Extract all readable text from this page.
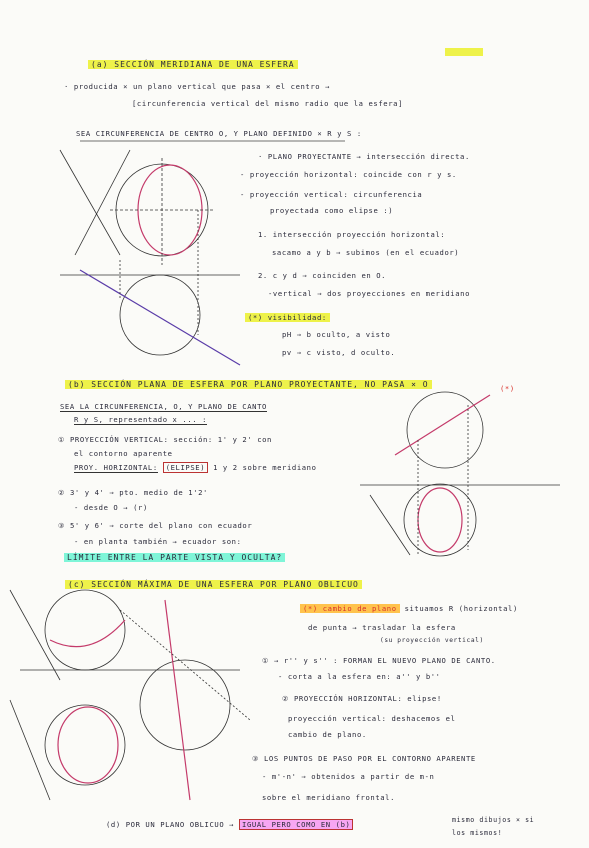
(a) SECCIÓN MERIDIANA DE UNA ESFERA
· producida × un plano vertical que pasa × el centro →
[circunferencia vertical del mismo radio que la esfera]
SEA CIRCUNFERENCIA DE CENTRO O, Y PLANO DEFINIDO × R y S :
· PLANO PROYECTANTE → intersección directa.
- proyección horizontal: coincide con r y s.
- proyección vertical: circunferencia
proyectada como elipse :)
1. intersección proyección horizontal:
sacamo a y b ⇒ subimos (en el ecuador)
2. c y d ⇒ coinciden en O.
-vertical ⇒ dos proyecciones en meridiano
(*) visibilidad:
pH ⇒ b oculto, a visto
pv ⇒ c visto, d oculto.
(b) SECCIÓN PLANA DE ESFERA POR PLANO PROYECTANTE, NO PASA × O	(*)
SEA LA CIRCUNFERENCIA, O, Y PLANO DE CANTO
R y S, representado x ... :
① PROYECCIÓN VERTICAL: sección: 1' y 2' con
el contorno aparente
PROY. HORIZONTAL: (ELIPSE) 1 y 2 sobre meridiano
② 3' y 4' ⇒ pto. medio de 1'2'
- desde O → (r)
③ 5' y 6' ⇒ corte del plano con ecuador
- en planta también → ecuador son:
LÍMITE ENTRE LA PARTE VISTA Y OCULTA?
(c) SECCIÓN MÁXIMA DE UNA ESFERA POR PLANO OBLICUO
(*) cambio de plano situamos R (horizontal)
de punta → trasladar la esfera
(su proyección vertical)
① → r'' y s'' : FORMAN EL NUEVO PLANO DE CANTO.
- corta a la esfera en: a'' y b''
② PROYECCIÓN HORIZONTAL: elipse!
proyección vertical: deshacemos el
cambio de plano.
③ LOS PUNTOS DE PASO POR EL CONTORNO APARENTE
- m'-n' ⇒ obtenidos a partir de m-n
sobre el meridiano frontal.
(d) POR UN PLANO OBLICUO → IGUAL PERO COMO EN (b)	mismo dibujos × si
los mismos!
